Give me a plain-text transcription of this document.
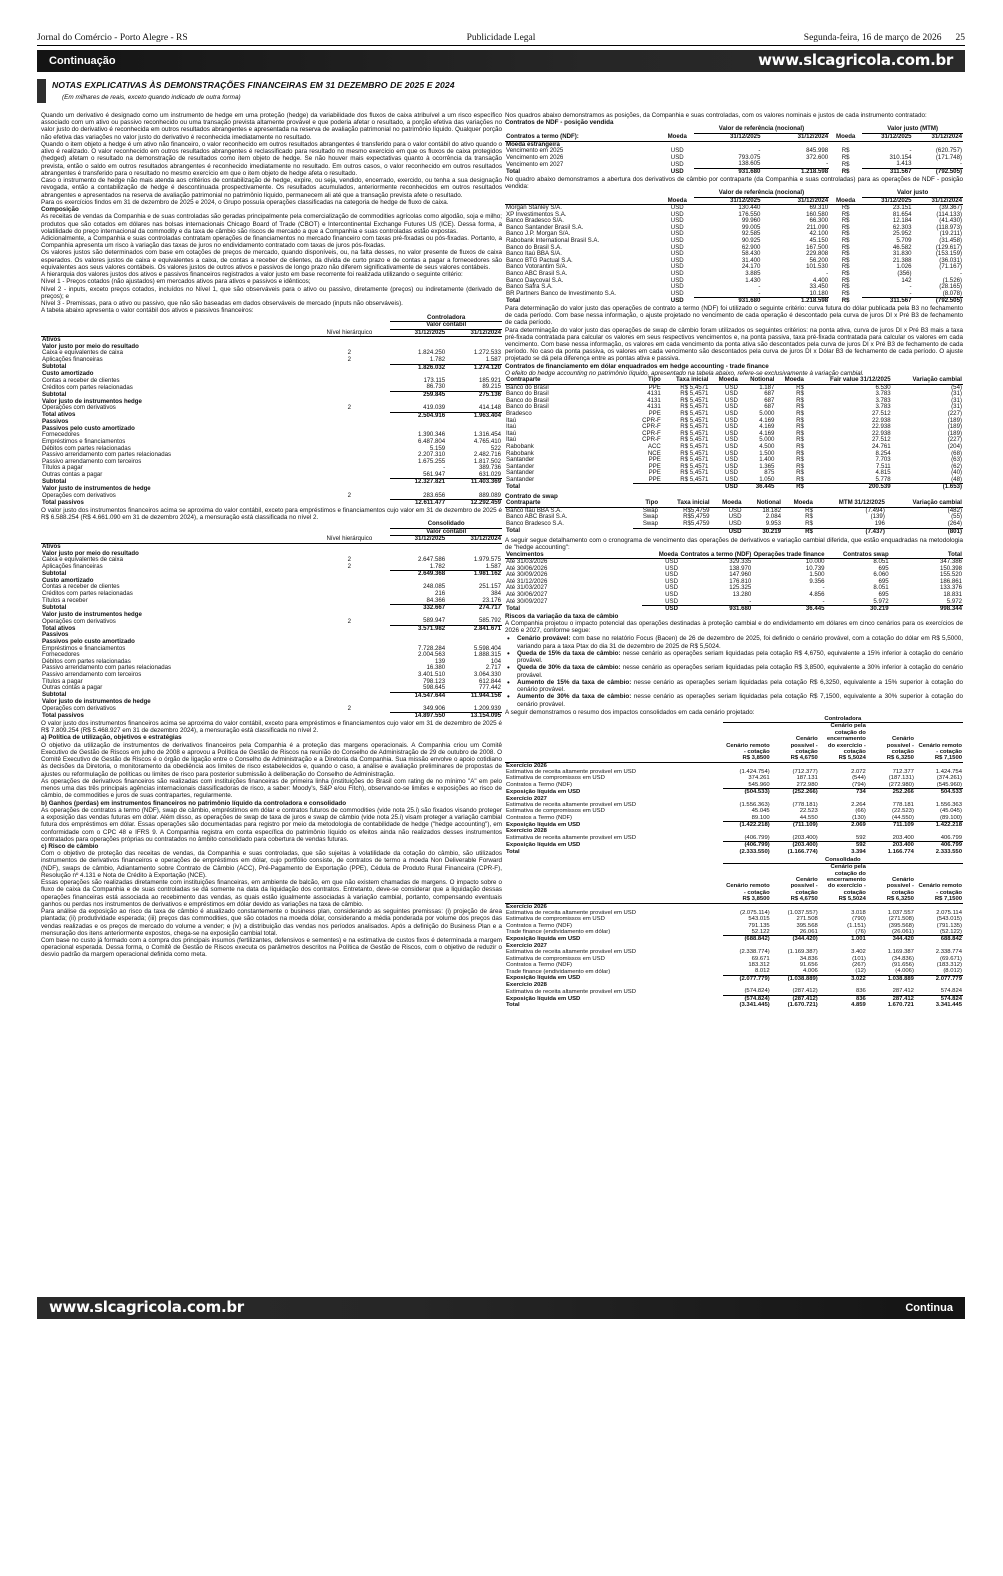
Jornal do Comércio - Porto Alegre - RS	Publicidade Legal	Segunda-feira, 16 de março de 2026 25
Continuação	www.slcagricola.com.br
NOTAS EXPLICATIVAS ÀS DEMONSTRAÇÕES FINANCEIRAS EM 31 DEZEMBRO DE 2025 E 2024
(Em milhares de reais, exceto quando indicado de outra forma)

Quando um derivativo é designado como um instrumento de hedge em uma proteção (hedge) da variabilidade dos fluxos de caixa atribuível a um risco específico associado com um ativo ou passivo reconhecido ou uma transação prevista altamente provável e que poderia afetar o resultado, a porção efetiva das variações no valor justo do derivativo é reconhecida em outros resultados abrangentes e apresentada na reserva de avaliação patrimonial no patrimônio líquido. Qualquer porção não efetiva das variações no valor justo do derivativo é reconhecida imediatamente no resultado.

Quando o item objeto a hedge é um ativo não financeiro, o valor reconhecido em outros resultados abrangentes é transferido para o valor contábil do ativo quando o ativo é realizado. O valor reconhecido em outros resultados abrangentes é reclassificado para resultado no mesmo exercício em que os fluxos de caixa protegidos (hedged) afetam o resultado na demonstração de resultados como item objeto de hedge. Se não houver mais expectativas quanto à ocorrência da transação prevista, então o saldo em outros resultados abrangentes é reconhecido imediatamente no resultado. Em outros casos, o valor reconhecido em outros resultados abrangentes é transferido para o resultado no mesmo exercício em que o item objeto de hedge afeta o resultado.

Caso o instrumento de hedge não mais atenda aos critérios de contabilização de hedge, expire, ou seja, vendido, encerrado, exercido, ou tenha a sua designação revogada, então a contabilização de hedge é descontinuada prospectivamente. Os resultados acumulados, anteriormente reconhecidos em outros resultados abrangentes e apresentados na reserva de avaliação patrimonial no patrimônio líquido, permanecem ali até que a transação prevista afete o resultado.

Para os exercícios findos em 31 de dezembro de 2025 e 2024, o Grupo possuía operações classificadas na categoria de hedge de fluxo de caixa.

Composição

As receitas de vendas da Companhia e de suas controladas são geradas principalmente pela comercialização de commodities agrícolas como algodão, soja e milho; produtos que são cotados em dólares nas bolsas internacionais Chicago Board of Trade (CBOT) e Intercontinental Exchange Futures US (ICE). Dessa forma, a volatilidade do preço internacional da commodity e da taxa de câmbio são riscos de mercado a que a Companhia e suas controladas estão expostas.

Adicionalmente, a Companhia e suas controladas contratam operações de financiamentos no mercado financeiro com taxas pré-fixadas ou pós-fixadas. Portanto, a Companhia apresenta um risco à variação das taxas de juros no endividamento contratado com taxas de juros pós-fixadas.

Os valores justos são determinados com base em cotações de preços de mercado, quando disponíveis, ou, na falta desses, no valor presente de fluxos de caixa esperados. Os valores justos de caixa e equivalentes a caixa, de contas a receber de clientes, da dívida de curto prazo e de contas a pagar a fornecedores são equivalentes aos seus valores contábeis. Os valores justos de outros ativos e passivos de longo prazo não diferem significativamente de seus valores contábeis.

A hierarquia dos valores justos dos ativos e passivos financeiros registrados a valor justo em base recorrente foi realizada utilizando o seguinte critério:

Nível 1 - Preços cotados (não ajustados) em mercados ativos para ativos e passivos e idênticos;

Nível 2 - inputs, exceto preços cotados, incluídos no Nível 1, que são observáveis para o ativo ou passivo, diretamente (preços) ou indiretamente (derivado de preços); e

Nível 3 - Premissas, para o ativo ou passivo, que não são baseadas em dados observáveis de mercado (inputs não observáveis).

A tabela abaixo apresenta o valor contábil dos ativos e passivos financeiros:

		Controladora	
		Valor contábil	
	Nível hierárquico	31/12/2025	31/12/2024
Ativos			
Valor justo por meio do resultado			
Caixa e equivalentes de caixa	2	1.824.250	1.272.533
Aplicações financeiras	2	1.782	1.587
Subtotal		1.826.032	1.274.120
Custo amortizado			
Contas a receber de clientes		173.115	185.921
Créditos com partes relacionadas		86.730	89.215
Subtotal		259.845	275.136
Valor justo de instrumentos hedge			
Operações com derivativos	2	419.039	414.148
Total ativos		2.504.916	1.963.404
Passivos			
Passivos pelo custo amortizado			
Fornecedores		1.390.346	1.316.454
Empréstimos e financiamentos		6.487.804	4.765.410
Débitos com partes relacionadas		5.159	522
Passivo arrendamento com partes relacionadas		2.207.310	2.482.716
Passivo arrendamento com terceiros		1.675.255	1.817.502
Títulos a pagar		-	389.736
Outras contas a pagar		561.947	631.029
Subtotal		12.327.821	11.403.369
Valor justo de instrumentos de hedge			
Operações com derivativos	2	283.656	889.089
Total passivos		12.611.477	12.292.459

O valor justo dos instrumentos financeiros acima se aproxima do valor contábil, exceto para empréstimos e financiamentos cujo valor em 31 de dezembro de 2025 é R$ 6.588.254 (R$ 4.661.090 em 31 de dezembro 2024), a mensuração está classificada no nível 2.

		Consolidado	
		Valor contábil	
	Nível hierárquico	31/12/2025	31/12/2024
Ativos			
Valor justo por meio do resultado			
Caixa e equivalentes de caixa	2	2.647.586	1.979.575
Aplicações financeiras	2	1.782	1.587
Subtotal		2.649.368	1.981.162
Custo amortizado			
Contas a receber de clientes		248.085	251.157
Créditos com partes relacionadas		216	384
Títulos a receber		84.366	23.176
Subtotal		332.667	274.717
Valor justo de instrumentos hedge			
Operações com derivativos	2	589.947	585.792
Total ativos		3.571.982	2.841.671
Passivos			
Passivos pelo custo amortizado			
Empréstimos e financiamentos		7.728.284	5.598.404
Fornecedores		2.004.563	1.888.315
Débitos com partes relacionadas		139	104
Passivo arrendamento com partes relacionadas		16.380	2.717
Passivo arrendamento com terceiros		3.401.510	3.064.330
Títulos a pagar		798.123	612.844
Outras contas a pagar		598.645	777.442
Subtotal		14.547.644	11.944.156
Valor justo de instrumentos de hedge			
Operações com derivativos	2	349.906	1.209.939
Total passivos		14.897.550	13.154.095

O valor justo dos instrumentos financeiros acima se aproxima do valor contábil, exceto para empréstimos e financiamentos cujo valor em 31 de dezembro de 2025 é R$ 7.809.254 (R$ 5.468.927 em 31 de dezembro 2024), a mensuração está classificada no nível 2.

a) Política de utilização, objetivos e estratégias

O objetivo da utilização de instrumentos de derivativos financeiros pela Companhia é a proteção das margens operacionais. A Companhia criou um Comitê Executivo de Gestão de Riscos em julho de 2008 e aprovou a Política de Gestão de Riscos na reunião do Conselho de Administração de 29 de outubro de 2008. O Comitê Executivo de Gestão de Riscos é o órgão de ligação entre o Conselho de Administração e a Diretoria da Companhia. Sua missão envolve o apoio cotidiano às decisões da Diretoria, o monitoramento da obediência aos limites de risco estabelecidos e, quando o caso, a análise e avaliação preliminares de propostas de ajustes ou reformulação de políticas ou limites de risco para posterior submissão à deliberação do Conselho de Administração.

As operações de derivativos financeiros são realizadas com instituições financeiras de primeira linha (instituições do Brasil com rating de no mínimo "A" em pelo menos uma das três principais agências internacionais classificadoras de risco, a saber: Moody's, S&P e/ou Fitch), observando-se limites e exposições ao risco de câmbio, de commodities e juros de suas contrapartes, regularmente.

b) Ganhos (perdas) em instrumentos financeiros no patrimônio líquido da controladora e consolidado

As operações de contratos a termo (NDF), swap de câmbio, empréstimos em dólar e contratos futuros de commodities (vide nota 25.i) são fixados visando proteger a exposição das vendas futuras em dólar. Além disso, as operações de swap de taxa de juros e swap de câmbio (vide nota 25.i) visam proteger a variação cambial futura dos empréstimos em dólar. Essas operações são documentadas para registro por meio da metodologia de contabilidade de hedge ("hedge accounting"), em conformidade com o CPC 48 e IFRS 9. A Companhia registra em conta específica do patrimônio líquido os efeitos ainda não realizados desses instrumentos contratados para operações próprias ou contratados no âmbito consolidado para cobertura de vendas futuras.

c) Risco de câmbio

Com o objetivo de proteção das receitas de vendas, da Companhia e suas controladas, que são sujeitas à volatilidade da cotação do câmbio, são utilizados instrumentos de derivativos financeiros e operações de empréstimos em dólar, cujo portfólio consiste, de contratos de termo a moeda Non Deliverable Forward (NDF), swaps de câmbio, Adiantamento sobre Contrato de Câmbio (ACC), Pré-Pagamento de Exportação (PPE), Cédula de Produto Rural Financeira (CPR-F), Resolução nº 4.131 e Nota de Crédito à Exportação (NCE).

Essas operações são realizadas diretamente com instituições financeiras, em ambiente de balcão, em que não existem chamadas de margens. O impacto sobre o fluxo de caixa da Companhia e de suas controladas se dá somente na data da liquidação dos contratos. Entretanto, deve-se considerar que a liquidação dessas operações financeiras está associada ao recebimento das vendas, as quais estão igualmente associadas à variação cambial, portanto, compensando eventuais ganhos ou perdas nos instrumentos de derivativos e empréstimos em dólar devido as variações na taxa de câmbio.

Para análise da exposição ao risco da taxa de câmbio é atualizado constantemente o business plan, considerando as seguintes premissas: (i) projeção de área plantada; (ii) produtividade esperada; (iii) preços das commodities, que são cotados na moeda dólar, considerando a média ponderada por volume dos preços das vendas realizadas e os preços de mercado do volume a vender; e (iv) a distribuição das vendas nos períodos analisados. Após a definição do Business Plan e a mensuração dos itens anteriormente expostos, chega-se na exposição cambial total.

Com base no custo já formado com a compra dos principais insumos (fertilizantes, defensivos e sementes) e na estimativa de custos fixos é determinada a margem operacional esperada. Dessa forma, o Comitê de Gestão de Riscos executa os parâmetros descritos na Política de Gestão de Riscos, com o objetivo de reduzir o desvio padrão da margem operacional definida como meta.

Nos quadros abaixo demonstramos as posições, da Companhia e suas controladas, com os valores nominais e justos de cada instrumento contratado:

Contratos de NDF - posição vendida

		Valor de referência (nocional)			Valor justo (MTM)	
Contratos a termo (NDF):	Moeda	31/12/2025	31/12/2024	Moeda	31/12/2025	31/12/2024
Moeda estrangeira						
Vencimento em 2025	USD	-	845.998	R$	-	(620.757)
Vencimento em 2026	USD	793.075	372.600	R$	310.154	(171.748)
Vencimento em 2027	USD	138.605	-	R$	1.413	-
Total	USD	931.680	1.218.598	R$	311.567	(792.505)

No quadro abaixo demonstramos a abertura dos derivativos de câmbio por contraparte (da Companhia e suas controladas) para as operações de NDF - posição vendida:

		Valor de referência (nocional)			Valor justo	
	Moeda	31/12/2025	31/12/2024	Moeda	31/12/2025	31/12/2024
Morgan Stanley S/A.	USD	130.440	69.310	R$	23.151	(39.367)
XP Investimentos S.A.	USD	176.550	160.580	R$	81.654	(114.133)
Banco Bradesco S/A.	USD	99.960	66.300	R$	12.184	(41.430)
Banco Santander Brasil S.A.	USD	99.005	211.090	R$	62.303	(118.973)
Banco J.P. Morgan S/A.	USD	92.585	42.100	R$	25.952	(19.211)
Rabobank International Brasil S.A.	USD	90.925	45.150	R$	5.709	(31.458)
Banco do Brasil S.A.	USD	62.900	167.500	R$	46.582	(129.617)
Banco Itaú BBA S/A.	USD	58.430	229.808	R$	31.830	(153.159)
Banco BTG Pactual S.A.	USD	31.400	56.200	R$	21.388	(36.031)
Banco Votorantim S/A.	USD	24.170	101.530	R$	1.026	(71.167)
Banco ABC Brasil S.A.	USD	3.885	-	R$	(356)	-
Banco Daycoval S.A.	USD	1.430	4.400	R$	142	(1.526)
Banco Safra S.A.	USD	-	33.450	R$	-	(28.165)
BR Partners Banco de Investimento S.A.	USD	-	10.180	R$	-	(8.078)
Total	USD	931.680	1.218.598	R$	311.567	(792.505)

Para determinação do valor justo das operações de contrato a termo (NDF) foi utilizado o seguinte critério: curva futura do dólar publicada pela B3 no fechamento de cada período. Com base nessa informação, o ajuste projetado no vencimento de cada operação é descontado pela curva de juros DI x Pré B3 de fechamento de cada período.

Para determinação do valor justo das operações de swap de câmbio foram utilizados os seguintes critérios: na ponta ativa, curva de juros DI x Pré B3 mais a taxa pré-fixada contratada para calcular os valores em seus respectivos vencimentos e, na ponta passiva, taxa pré-fixada contratada para calcular os valores em cada vencimento. Com base nessa informação, os valores em cada vencimento da ponta ativa são descontados pela curva de juros DI x Pré B3 de fechamento de cada período. No caso da ponta passiva, os valores em cada vencimento são descontados pela curva de juros DI x Dólar B3 de fechamento de cada período. O ajuste projetado se dá pela diferença entre as pontas ativa e passiva.

Contratos de financiamento em dólar enquadrados em hedge accounting - trade finance

O efeito do hedge accounting no patrimônio líquido, apresentado na tabela abaixo, refere-se exclusivamente à variação cambial.

Contraparte	Tipo	Taxa inicial	Moeda	Notional	Moeda	Fair value 31/12/2025	Variação cambial
Banco do Brasil	PPE	R$ 5,4571	USD	1.187	R$	6.530	(54)
Banco do Brasil	4131	R$ 5,4571	USD	687	R$	3.783	(31)
Banco do Brasil	4131	R$ 5,4571	USD	687	R$	3.783	(31)
Banco do Brasil	4131	R$ 5,4571	USD	687	R$	3.783	(31)
Bradesco	PPE	R$ 5,4571	USD	5.000	R$	27.512	(227)
Itaú	CPR-F	R$ 5,4571	USD	4.169	R$	22.938	(189)
Itaú	CPR-F	R$ 5,4571	USD	4.169	R$	22.938	(189)
Itaú	CPR-F	R$ 5,4571	USD	4.169	R$	22.938	(189)
Itaú	CPR-F	R$ 5,4571	USD	5.000	R$	27.512	(227)
Rabobank	ACC	R$ 5,4571	USD	4.500	R$	24.761	(204)
Rabobank	NCE	R$ 5,4571	USD	1.500	R$	8.254	(68)
Santander	PPE	R$ 5,4571	USD	1.400	R$	7.703	(63)
Santander	PPE	R$ 5,4571	USD	1.365	R$	7.511	(62)
Santander	PPE	R$ 5,4571	USD	875	R$	4.815	(40)
Santander	PPE	R$ 5,4571	USD	1.050	R$	5.778	(48)
Total			USD	36.445	R$	200.539	(1.653)

Contrato de swap

Contraparte	Tipo	Taxa inicial	Moeda	Notional	Moeda	MTM 31/12/2025	Variação cambial
Banco Itaú BBA S.A.	Swap	R$5,4759	USD	18.182	R$	(7.494)	(482)
Banco ABC Brasil S.A.	Swap	R$5,4759	USD	2.084	R$	(139)	(55)
Banco Bradesco S.A.	Swap	R$5,4759	USD	9.953	R$	196	(264)
Total			USD	30.219	R$	(7.437)	(801)

A seguir segue detalhamento com o cronograma de vencimento das operações de derivativos e variação cambial diferida, que estão enquadradas na metodologia de "hedge accounting":

Vencimentos	Moeda	Contratos a termo (NDF)	Operações trade finance	Contratos swap	Total
Até 31/03/2026	USD	329.335	10.000	8.051	347.386
Até 30/06/2026	USD	138.970	10.739	695	150.398
Até 30/09/2026	USD	147.960	1.500	6.060	155.520
Até 31/12/2026	USD	176.810	9.356	695	186.861
Até 31/03/2027	USD	125.325	-	8.051	133.376
Até 30/06/2027	USD	13.280	4.856	695	18.831
Até 30/09/2027	USD	-	-	5.972	5.972
Total	USD	931.680	36.445	30.219	998.344

Riscos da variação da taxa de câmbio

A Companhia projetou o impacto potencial das operações destinadas à proteção cambial e do endividamento em dólares em cinco cenários para os exercícios de 2026 e 2027, conforme segue:

• Cenário provável: com base no relatório Focus (Bacen) de 26 de dezembro de 2025, foi definido o cenário provável, com a cotação do dólar em R$ 5,5000, variando para a taxa Ptax do dia 31 de dezembro de 2025 de R$ 5,5024.
• Queda de 15% da taxa de câmbio: nesse cenário as operações seriam liquidadas pela cotação R$ 4,6750, equivalente a 15% inferior à cotação do cenário provável.
• Queda de 30% da taxa de câmbio: nesse cenário as operações seriam liquidadas pela cotação R$ 3,8500, equivalente a 30% inferior à cotação do cenário provável.
• Aumento de 15% da taxa de câmbio: nesse cenário as operações seriam liquidadas pela cotação R$ 6,3250, equivalente a 15% superior à cotação do cenário provável.
• Aumento de 30% da taxa de câmbio: nesse cenário as operações seriam liquidadas pela cotação R$ 7,1500, equivalente a 30% superior à cotação do cenário provável.

A seguir demonstramos o resumo dos impactos consolidados em cada cenário projetado:

	Controladora				
	Cenário remoto - cotação	Cenário possível - cotação	Cenário pela cotação do encerramento do exercício - cotação	Cenário possível - cotação	Cenário remoto - cotação
	R$ 3,8500	R$ 4,6750	R$ 5,5024	R$ 6,3250	R$ 7,1500
Exercício 2026					
Estimativa de receita altamente provável em USD	(1.424.754)	(712.377)	2.072	712.377	1.424.754
Estimativa de compromissos em USD	374.261	187.131	(544)	(187.131)	(374.261)
Contratos a Termo (NDF)	545.960	272.980	(794)	(272.980)	(545.960)
Exposição líquida em USD	(504.533)	(252.266)	734	252.266	504.533
Exercício 2027					
Estimativa de receita altamente provável em USD	(1.556.363)	(778.181)	2.264	778.181	1.556.363
Estimativa de compromissos em USD	45.045	22.523	(66)	(22.523)	(45.045)
Contratos a Termo (NDF)	89.100	44.550	(130)	(44.550)	(89.100)
Exposição líquida em USD	(1.422.218)	(711.109)	2.069	711.109	1.422.218
Exercício 2028					
Estimativa de receita altamente provável em USD	(406.799)	(203.400)	592	203.400	406.799
Exposição líquida em USD	(406.799)	(203.400)	592	203.400	406.799
Total	(2.333.550)	(1.166.774)	3.394	1.166.774	2.333.550
	Consolidado				
	Cenário remoto - cotação	Cenário possível - cotação	Cenário pela cotação do encerramento do exercício - cotação	Cenário possível - cotação	Cenário remoto - cotação
	R$ 3,8500	R$ 4,6750	R$ 5,5024	R$ 6,3250	R$ 7,1500
Exercício 2026					
Estimativa de receita altamente provável em USD	(2.075.114)	(1.037.557)	3.018	1.037.557	2.075.114
Estimativa de compromissos em USD	543.015	271.508	(790)	(271.508)	(543.015)
Contratos a Termo (NDF)	791.135	395.568	(1.151)	(395.568)	(791.135)
Trade finance (endividamento em dólar)	52.122	26.061	(76)	(26.061)	(52.122)
Exposição líquida em USD	(688.842)	(344.420)	1.001	344.420	688.842
Exercício 2027					
Estimativa de receita altamente provável em USD	(2.338.774)	(1.169.387)	3.402	1.169.387	2.338.774
Estimativa de compromissos em USD	69.671	34.836	(101)	(34.836)	(69.671)
Contratos a Termo (NDF)	183.312	91.656	(267)	(91.656)	(183.312)
Trade finance (endividamento em dólar)	8.012	4.006	(12)	(4.006)	(8.012)
Exposição líquida em USD	(2.077.779)	(1.038.889)	3.022	1.038.889	2.077.779
Exercício 2028					
Estimativa de receita altamente provável em USD	(574.824)	(287.412)	836	287.412	574.824
Exposição líquida em USD	(574.824)	(287.412)	836	287.412	574.824
Total	(3.341.445)	(1.670.721)	4.859	1.670.721	3.341.445
www.slcagricola.com.br	Continua
